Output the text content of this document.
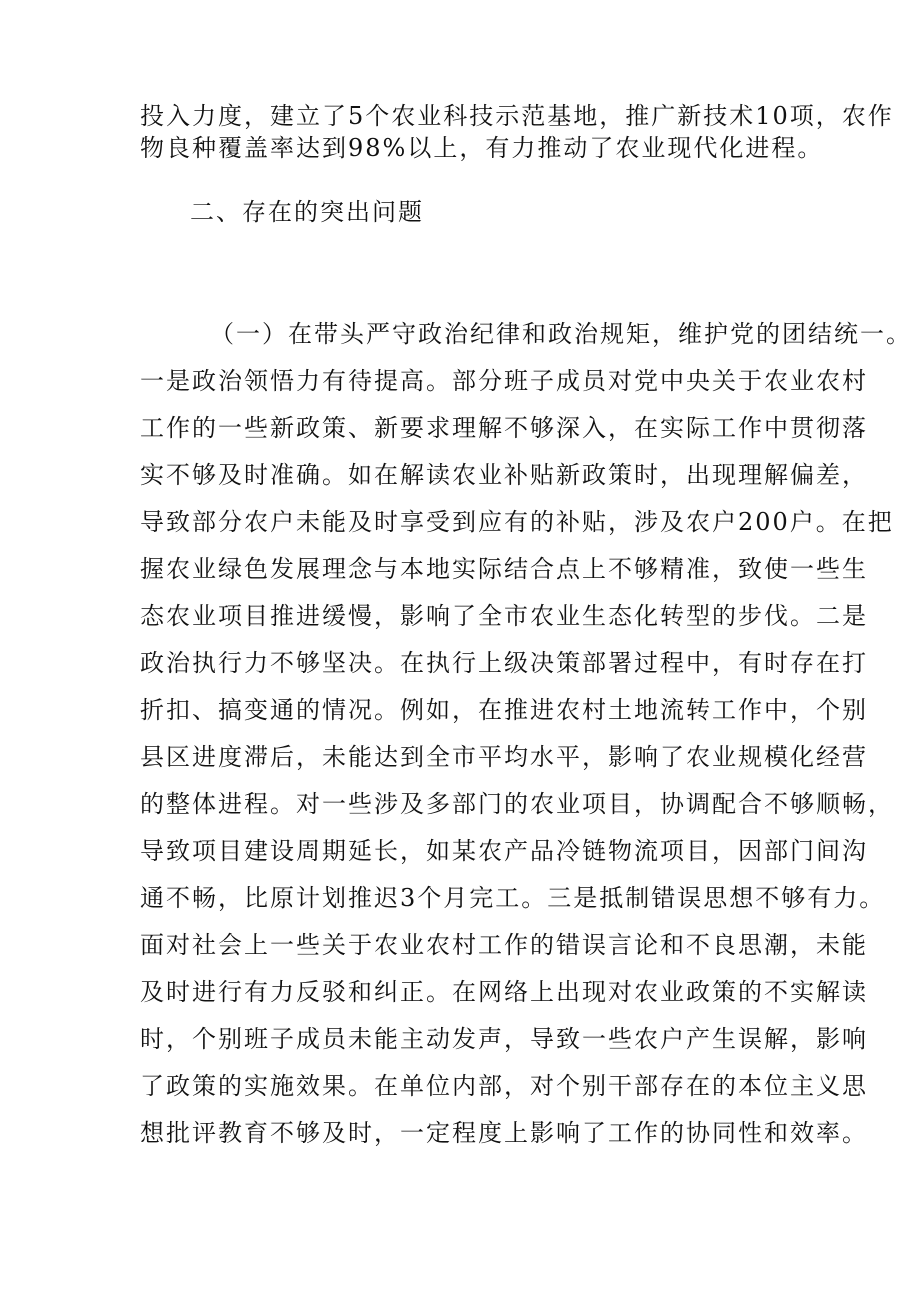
投入力度，建立了5个农业科技示范基地，推广新技术10项，农作
物良种覆盖率达到98%以上，有力推动了农业现代化进程。
二、存在的突出问题
（一）在带头严守政治纪律和政治规矩，维护党的团结统一。
一是政治领悟力有待提高。部分班子成员对党中央关于农业农村
工作的一些新政策、新要求理解不够深入，在实际工作中贯彻落
实不够及时准确。如在解读农业补贴新政策时，出现理解偏差，
导致部分农户未能及时享受到应有的补贴，涉及农户200户。在把
握农业绿色发展理念与本地实际结合点上不够精准，致使一些生
态农业项目推进缓慢，影响了全市农业生态化转型的步伐。二是
政治执行力不够坚决。在执行上级决策部署过程中，有时存在打
折扣、搞变通的情况。例如，在推进农村土地流转工作中，个别
县区进度滞后，未能达到全市平均水平，影响了农业规模化经营
的整体进程。对一些涉及多部门的农业项目，协调配合不够顺畅，
导致项目建设周期延长，如某农产品冷链物流项目，因部门间沟
通不畅，比原计划推迟3个月完工。三是抵制错误思想不够有力。
面对社会上一些关于农业农村工作的错误言论和不良思潮，未能
及时进行有力反驳和纠正。在网络上出现对农业政策的不实解读
时，个别班子成员未能主动发声，导致一些农户产生误解，影响
了政策的实施效果。在单位内部，对个别干部存在的本位主义思
想批评教育不够及时，一定程度上影响了工作的协同性和效率。
